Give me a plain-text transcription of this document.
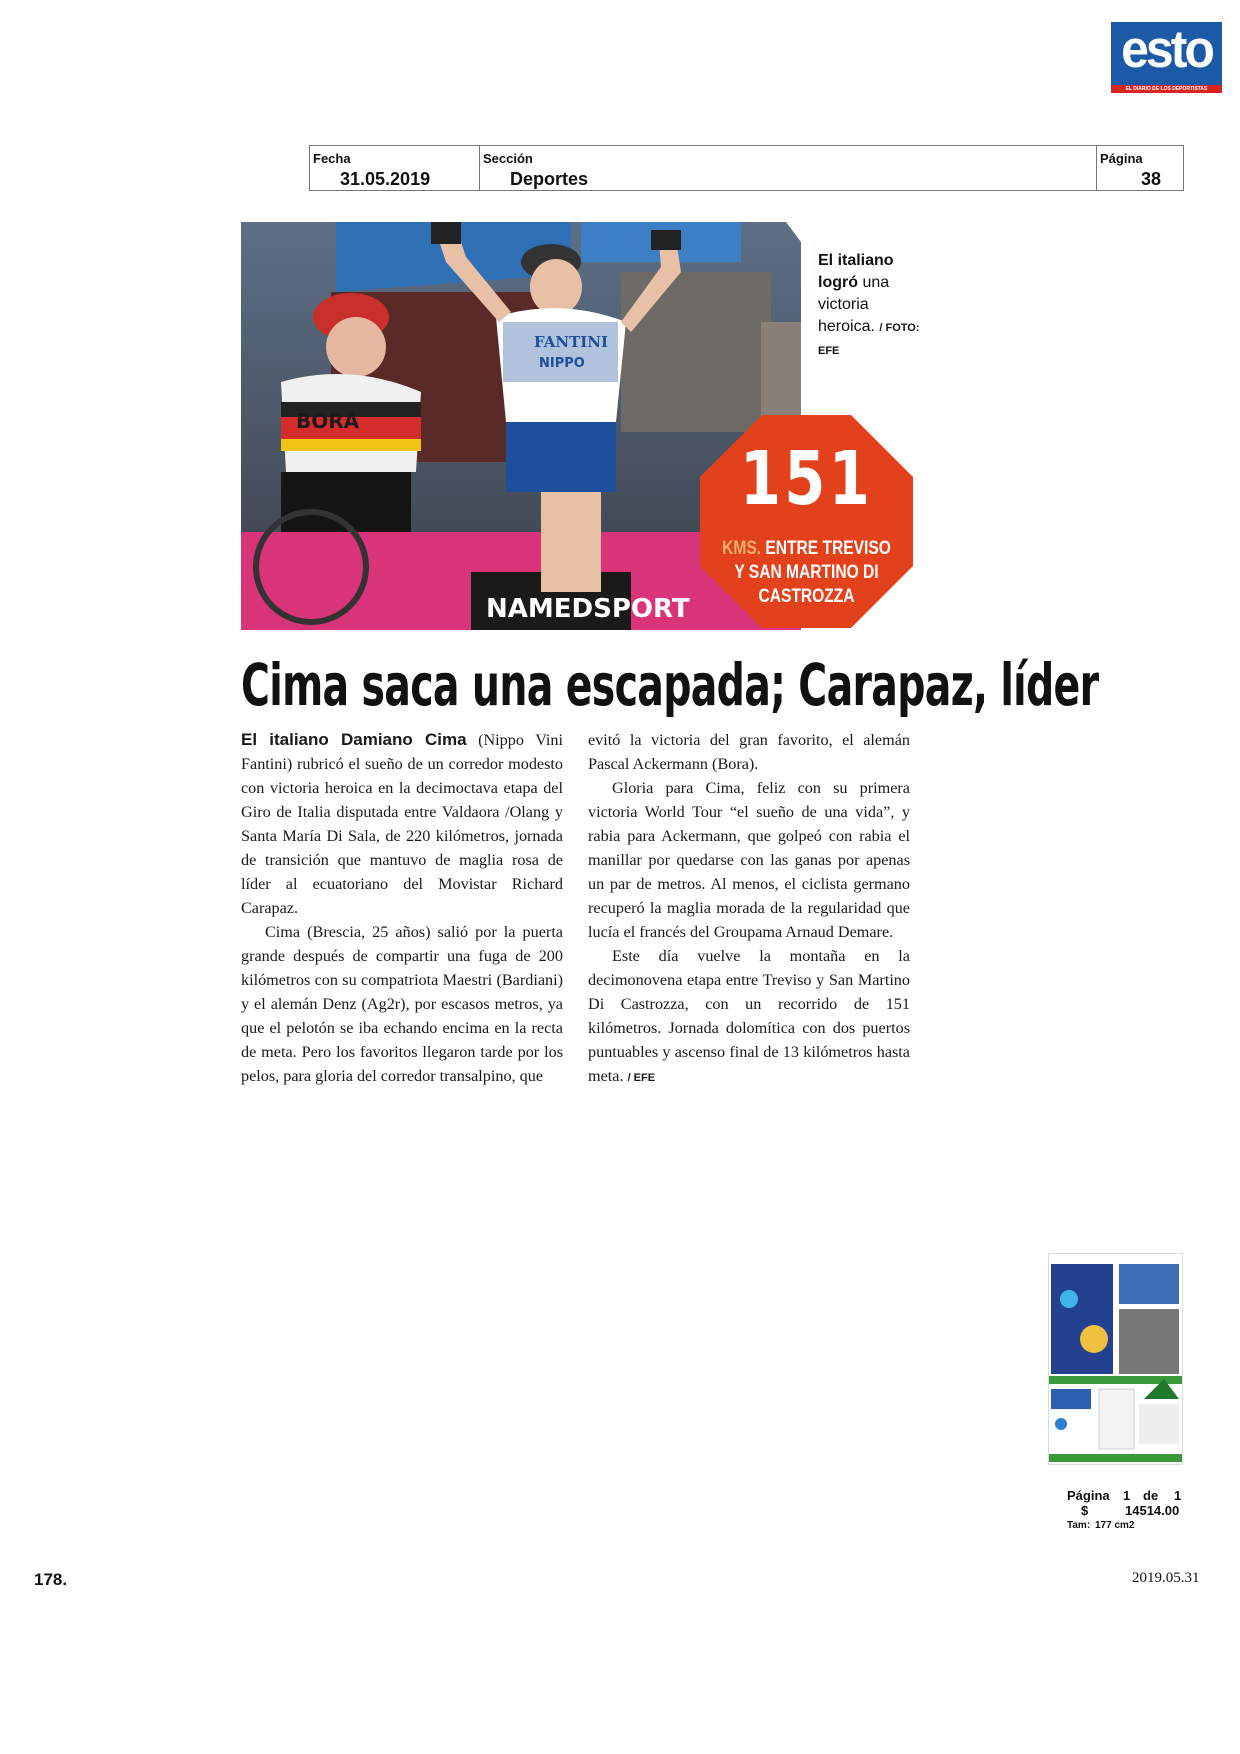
esto
EL DIARIO DE LOS DEPORTISTAS
Fecha
31.05.2019
Sección
Deportes
Página
38
NAMEDSPORT
BORA
FANTINI
NIPPO
El italiano
logró una victoria heroica. / FOTO: EFE
151
KMS. ENTRE TREVISO
Y SAN MARTINO DI
CASTROZZA
Cima saca una escapada; Carapaz, líder

El italiano Damiano Cima (Nippo Vini Fantini) rubricó el sueño de un corredor modesto con victoria heroica en la decimoctava etapa del Giro de Italia disputada entre Valdaora /Olang y Santa María Di Sala, de 220 kilómetros, jornada de transición que mantuvo de maglia rosa de líder al ecuatoriano del Movistar Richard Carapaz.

Cima (Brescia, 25 años) salió por la puerta grande después de compartir una fuga de 200 kilómetros con su compatriota Maestri (Bardiani) y el alemán Denz (Ag2r), por escasos metros, ya que el pelotón se iba echando encima en la recta de meta. Pero los favoritos llegaron tarde por los pelos, para gloria del corredor transalpino, que

evitó la victoria del gran favorito, el alemán Pascal Ackermann (Bora).

Gloria para Cima, feliz con su primera victoria World Tour “el sueño de una vida”, y rabia para Ackermann, que golpeó con rabia el manillar por quedarse con las ganas por apenas un par de metros. Al menos, el ciclista germano recuperó la maglia morada de la regularidad que lucía el francés del Groupama Arnaud Demare.

Este día vuelve la montaña en la decimonovena etapa entre Treviso y San Martino Di Castrozza, con un recorrido de 151 kilómetros. Jornada dolomítica con dos puertos puntuables y ascenso final de 13 kilómetros hasta meta. / EFE

Página 1 de 1
$	14514.00
Tam: 177 cm2
178.	2019.05.31
